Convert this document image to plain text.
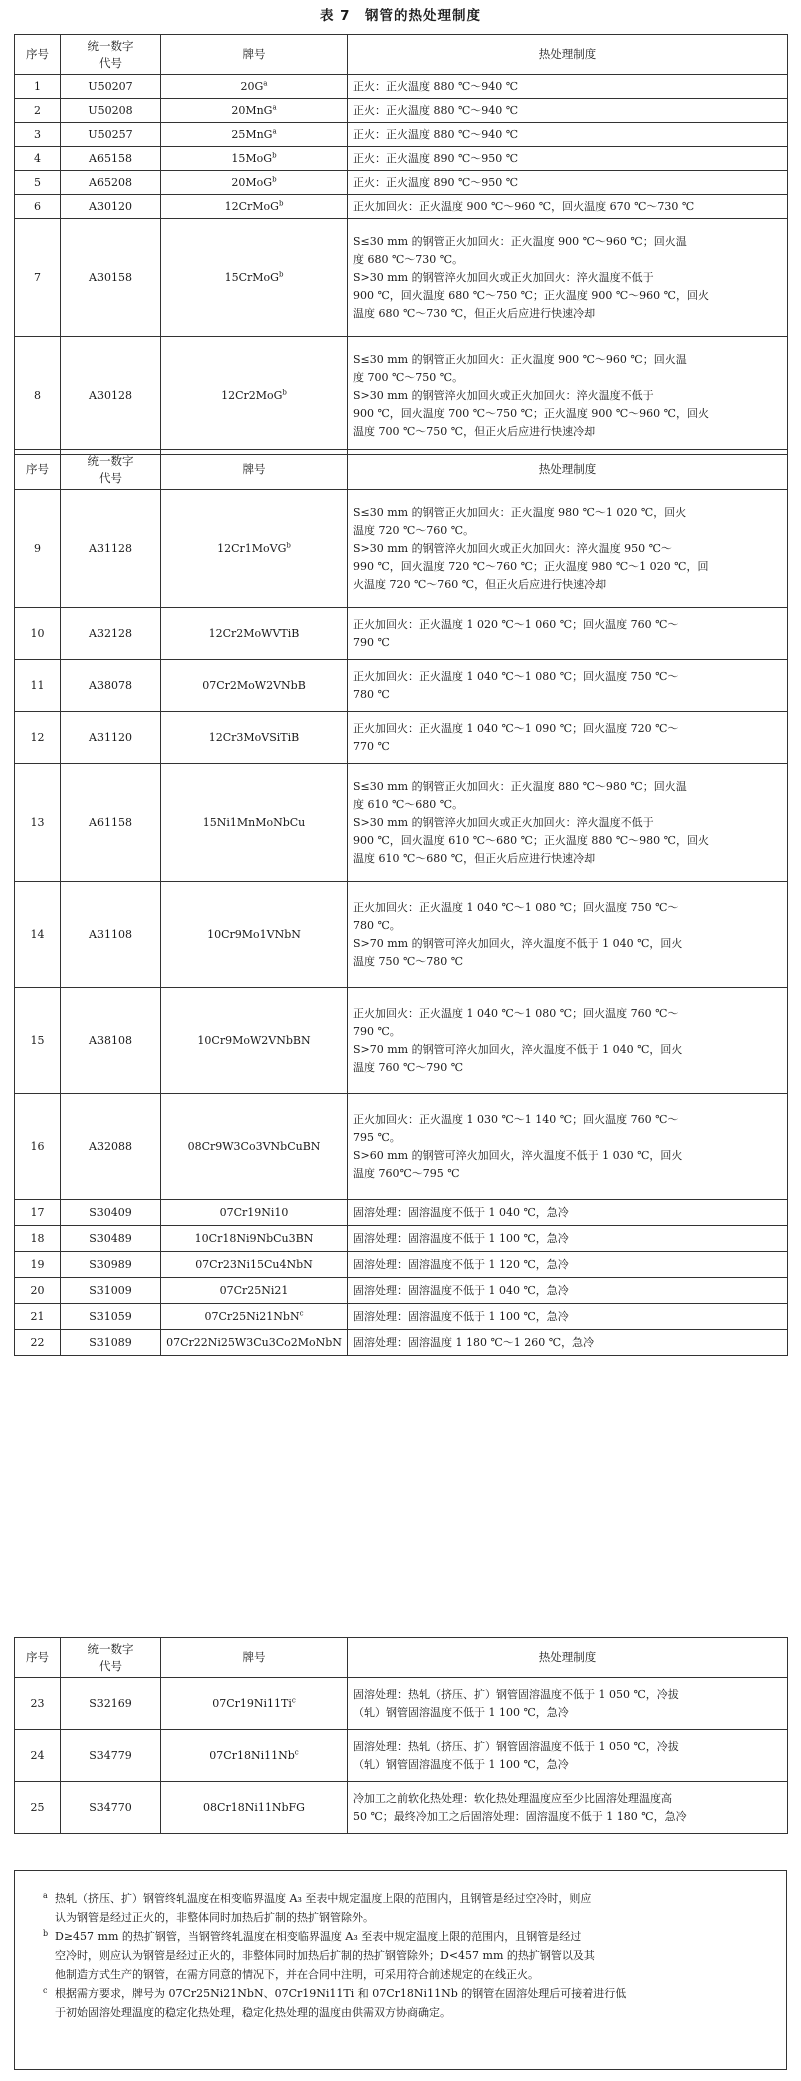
表 7　钢管的热处理制度
序号	统一数字
代号	牌号	热处理制度
1	U50207	$20G^a$	正火：正火温度 880 ℃～940 ℃
2	U50208	20MnG$^a$	正火：正火温度 880 ℃～940 ℃
3	U50257	25MnG$^a$	正火：正火温度 880 ℃～940 ℃
4	A65158	15MoG$^b$	正火：正火温度 890 ℃～950 ℃
5	A65208	20MoG$^b$	正火：正火温度 890 ℃～950 ℃
6	A30120	12CrMoG$^b$	正火加回火：正火温度 900 ℃～960 ℃，回火温度 670 ℃～730 ℃
7	A30158	15CrMoG$^b$	S≤30 mm 的钢管正火加回火：正火温度 900 ℃～960 ℃；回火温
度 680 ℃～730 ℃。
S>30 mm 的钢管淬火加回火或正火加回火：淬火温度不低于
900 ℃，回火温度 680 ℃～750 ℃；正火温度 900 ℃～960 ℃，回火
温度 680 ℃～730 ℃，但正火后应进行快速冷却
8	A30128	12Cr2MoG$^b$	S≤30 mm 的钢管正火加回火：正火温度 900 ℃～960 ℃；回火温
度 700 ℃～750 ℃。
S>30 mm 的钢管淬火加回火或正火加回火：淬火温度不低于
900 ℃，回火温度 700 ℃～750 ℃；正火温度 900 ℃～960 ℃，回火
温度 700 ℃～750 ℃，但正火后应进行快速冷却
序号	统一数字
代号	牌号	热处理制度
9	A31128	12Cr1MoVG$^b$	S≤30 mm 的钢管正火加回火：正火温度 980 ℃～1 020 ℃，回火
温度 720 ℃～760 ℃。
S>30 mm 的钢管淬火加回火或正火加回火：淬火温度 950 ℃～
990 ℃，回火温度 720 ℃～760 ℃；正火温度 980 ℃～1 020 ℃，回
火温度 720 ℃～760 ℃，但正火后应进行快速冷却
10	A32128	12Cr2MoWVTiB	正火加回火：正火温度 1 020 ℃～1 060 ℃；回火温度 760 ℃～
790 ℃
11	A38078	07Cr2MoW2VNbB	正火加回火：正火温度 1 040 ℃～1 080 ℃；回火温度 750 ℃～
780 ℃
12	A31120	12Cr3MoVSiTiB	正火加回火：正火温度 1 040 ℃～1 090 ℃；回火温度 720 ℃～
770 ℃
13	A61158	15Ni1MnMoNbCu	S≤30 mm 的钢管正火加回火：正火温度 880 ℃～980 ℃；回火温
度 610 ℃～680 ℃。
S>30 mm 的钢管淬火加回火或正火加回火：淬火温度不低于
900 ℃，回火温度 610 ℃～680 ℃；正火温度 880 ℃～980 ℃，回火
温度 610 ℃～680 ℃，但正火后应进行快速冷却
14	A31108	10Cr9Mo1VNbN	正火加回火：正火温度 1 040 ℃～1 080 ℃；回火温度 750 ℃～
780 ℃。
S>70 mm 的钢管可淬火加回火，淬火温度不低于 1 040 ℃，回火
温度 750 ℃～780 ℃
15	A38108	10Cr9MoW2VNbBN	正火加回火：正火温度 1 040 ℃～1 080 ℃；回火温度 760 ℃～
790 ℃。
S>70 mm 的钢管可淬火加回火，淬火温度不低于 1 040 ℃，回火
温度 760 ℃～790 ℃
16	A32088	08Cr9W3Co3VNbCuBN	正火加回火：正火温度 1 030 ℃～1 140 ℃；回火温度 760 ℃～
795 ℃。
S>60 mm 的钢管可淬火加回火，淬火温度不低于 1 030 ℃，回火
温度 760℃～795 ℃
17	S30409	07Cr19Ni10	固溶处理：固溶温度不低于 1 040 ℃，急冷
18	S30489	10Cr18Ni9NbCu3BN	固溶处理：固溶温度不低于 1 100 ℃，急冷
19	S30989	07Cr23Ni15Cu4NbN	固溶处理：固溶温度不低于 1 120 ℃，急冷
20	S31009	07Cr25Ni21	固溶处理：固溶温度不低于 1 040 ℃，急冷
21	S31059	07Cr25Ni21NbN$^c$	固溶处理：固溶温度不低于 1 100 ℃，急冷
22	S31089	07Cr22Ni25W3Cu3Co2MoNbN	固溶处理：固溶温度 1 180 ℃～1 260 ℃，急冷
序号	统一数字
代号	牌号	热处理制度
23	S32169	07Cr19Ni11Ti$^c$	固溶处理：热轧（挤压、扩）钢管固溶温度不低于 1 050 ℃，冷拔
（轧）钢管固溶温度不低于 1 100 ℃，急冷
24	S34779	07Cr18Ni11Nb$^c$	固溶处理：热轧（挤压、扩）钢管固溶温度不低于 1 050 ℃，冷拔
（轧）钢管固溶温度不低于 1 100 ℃，急冷
25	S34770	08Cr18Ni11NbFG	冷加工之前软化热处理：软化热处理温度应至少比固溶处理温度高
50 ℃；最终冷加工之后固溶处理：固溶温度不低于 1 180 ℃，急冷
a 热轧（挤压、扩）钢管终轧温度在相变临界温度 A₃ 至表中规定温度上限的范围内，且钢管是经过空冷时，则应
认为钢管是经过正火的，非整体同时加热后扩制的热扩钢管除外。
b D≥457 mm 的热扩钢管，当钢管终轧温度在相变临界温度 A₃ 至表中规定温度上限的范围内，且钢管是经过
空冷时，则应认为钢管是经过正火的，非整体同时加热后扩制的热扩钢管除外；D<457 mm 的热扩钢管以及其
他制造方式生产的钢管，在需方同意的情况下，并在合同中注明，可采用符合前述规定的在线正火。
c 根据需方要求，牌号为 07Cr25Ni21NbN、07Cr19Ni11Ti 和 07Cr18Ni11Nb 的钢管在固溶处理后可接着进行低
于初始固溶处理温度的稳定化热处理，稳定化热处理的温度由供需双方协商确定。
